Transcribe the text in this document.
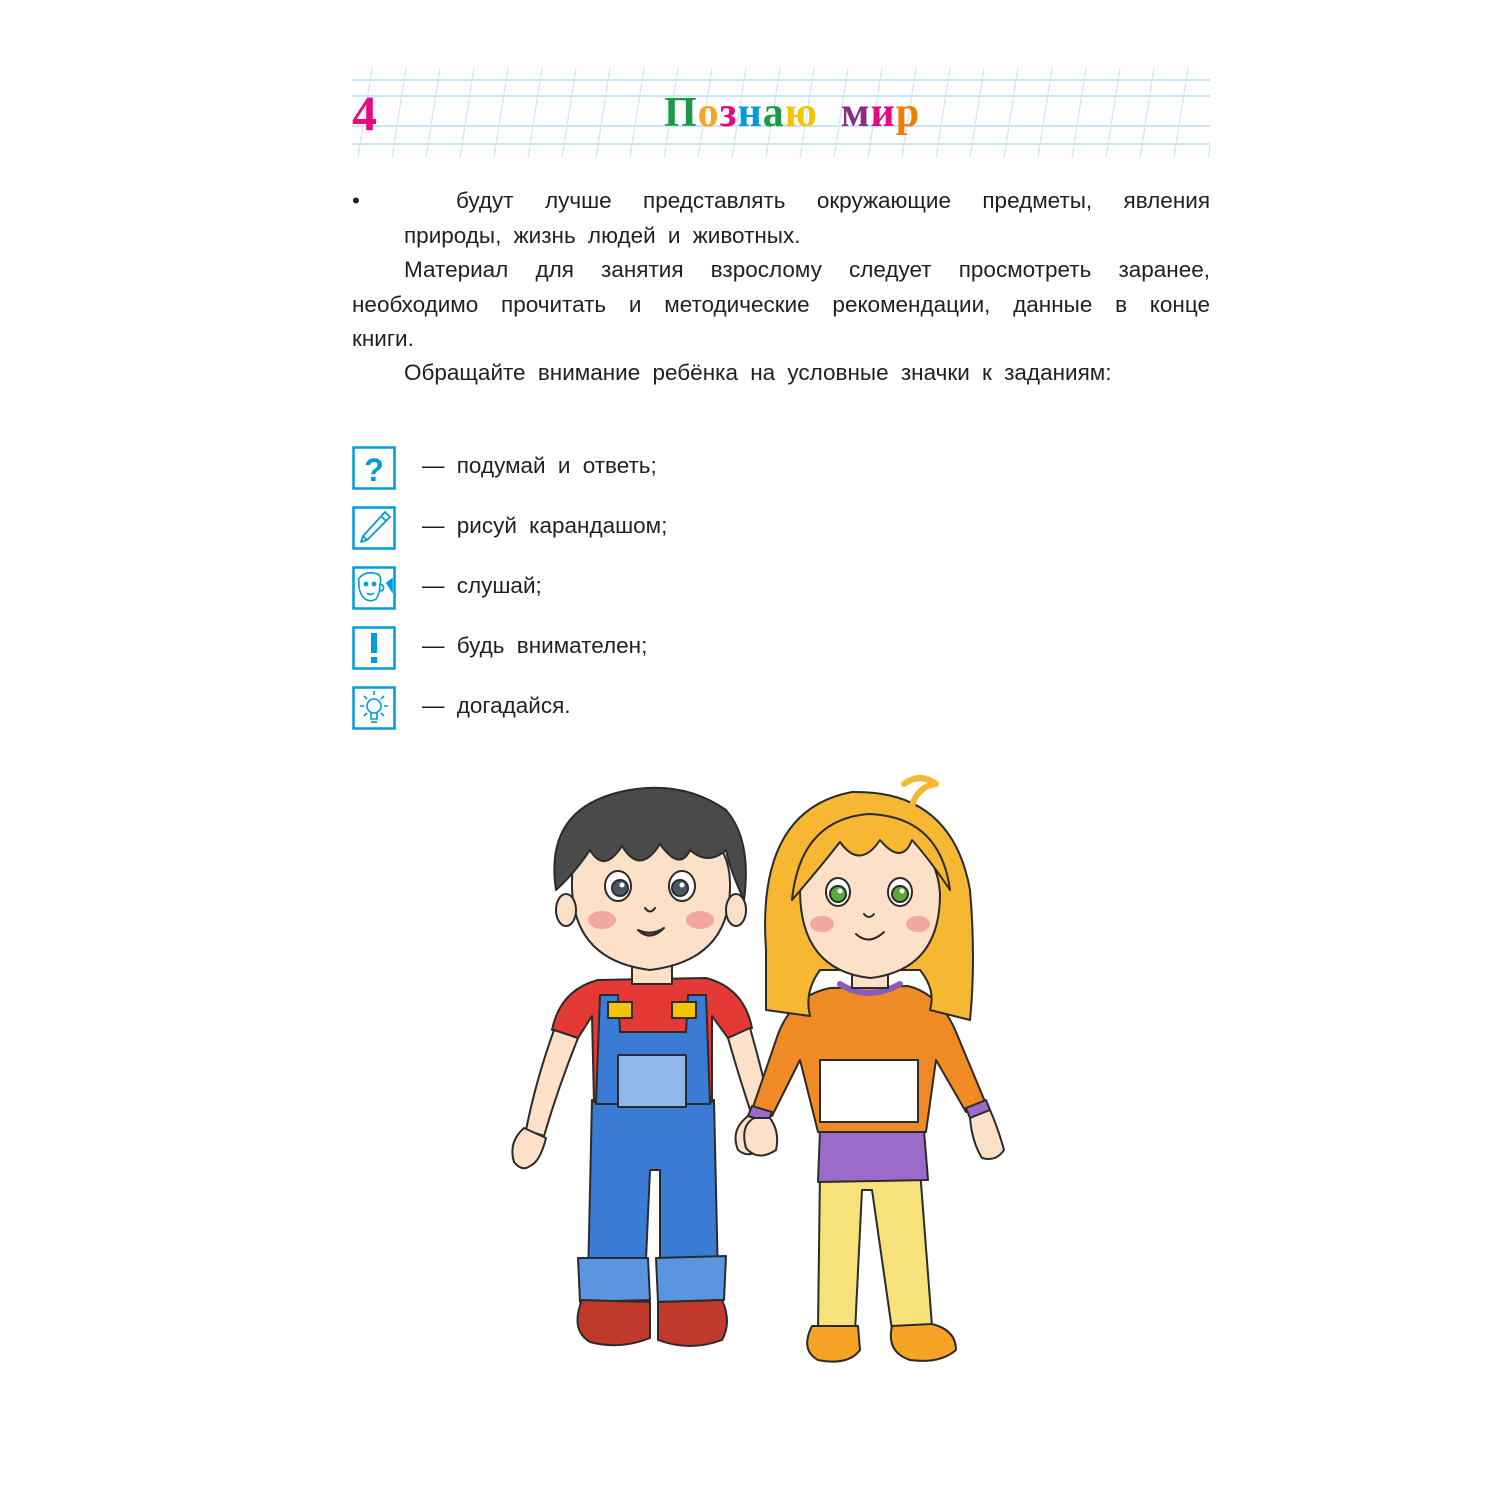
4	Познаю мир
•	будут лучше представлять окружающие предметы, явления природы, жизнь людей и животных.
Материал для занятия взрослому следует просмотреть заранее, необходимо прочитать и методические рекомендации, данные в конце книги.
Обращайте внимание ребёнка на условные значки к заданиям:
? — подумай и ответь;
— рисуй карандашом;
— слушай;
— будь внимателен;
— догадайся.
